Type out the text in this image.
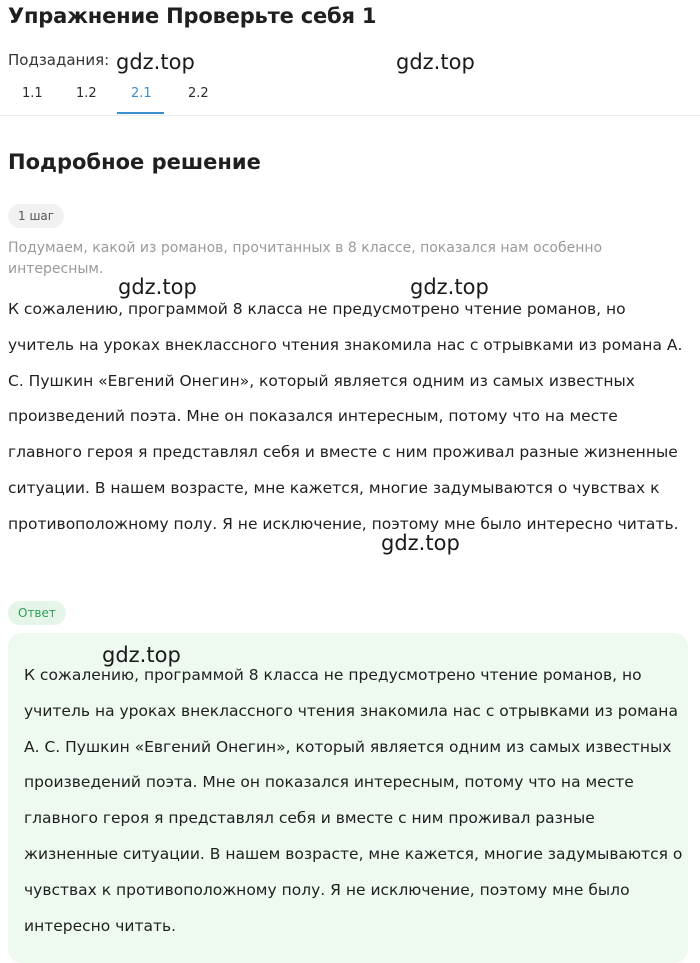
Упражнение Проверьте себя 1
Подзадания:
1.1	1.2	2.1	2.2
Подробное решение
1 шаг

Подумаем, какой из романов, прочитанных в 8 классе, показался нам особенно интересным.

К сожалению, программой 8 класса не предусмотрено чтение романов, но учитель на уроках внеклассного чтения знакомила нас с отрывками из романа А. С. Пушкин «Евгений Онегин», который является одним из самых известных произведений поэта. Мне он показался интересным, потому что на месте главного героя я представлял себя и вместе с ним проживал разные жизненные ситуации. В нашем возрасте, мне кажется, многие задумываются о чувствах к противоположному полу. Я не исключение, поэтому мне было интересно читать.

Ответ

К сожалению, программой 8 класса не предусмотрено чтение романов, но учитель на уроках внеклассного чтения знакомила нас с отрывками из романа А. С. Пушкин «Евгений Онегин», который является одним из самых известных произведений поэта. Мне он показался интересным, потому что на месте главного героя я представлял себя и вместе с ним проживал разные жизненные ситуации. В нашем возрасте, мне кажется, многие задумываются о чувствах к противоположному полу. Я не исключение, поэтому мне было интересно читать.

gdz.top	gdz.top
gdz.top	gdz.top
gdz.top
gdz.top
